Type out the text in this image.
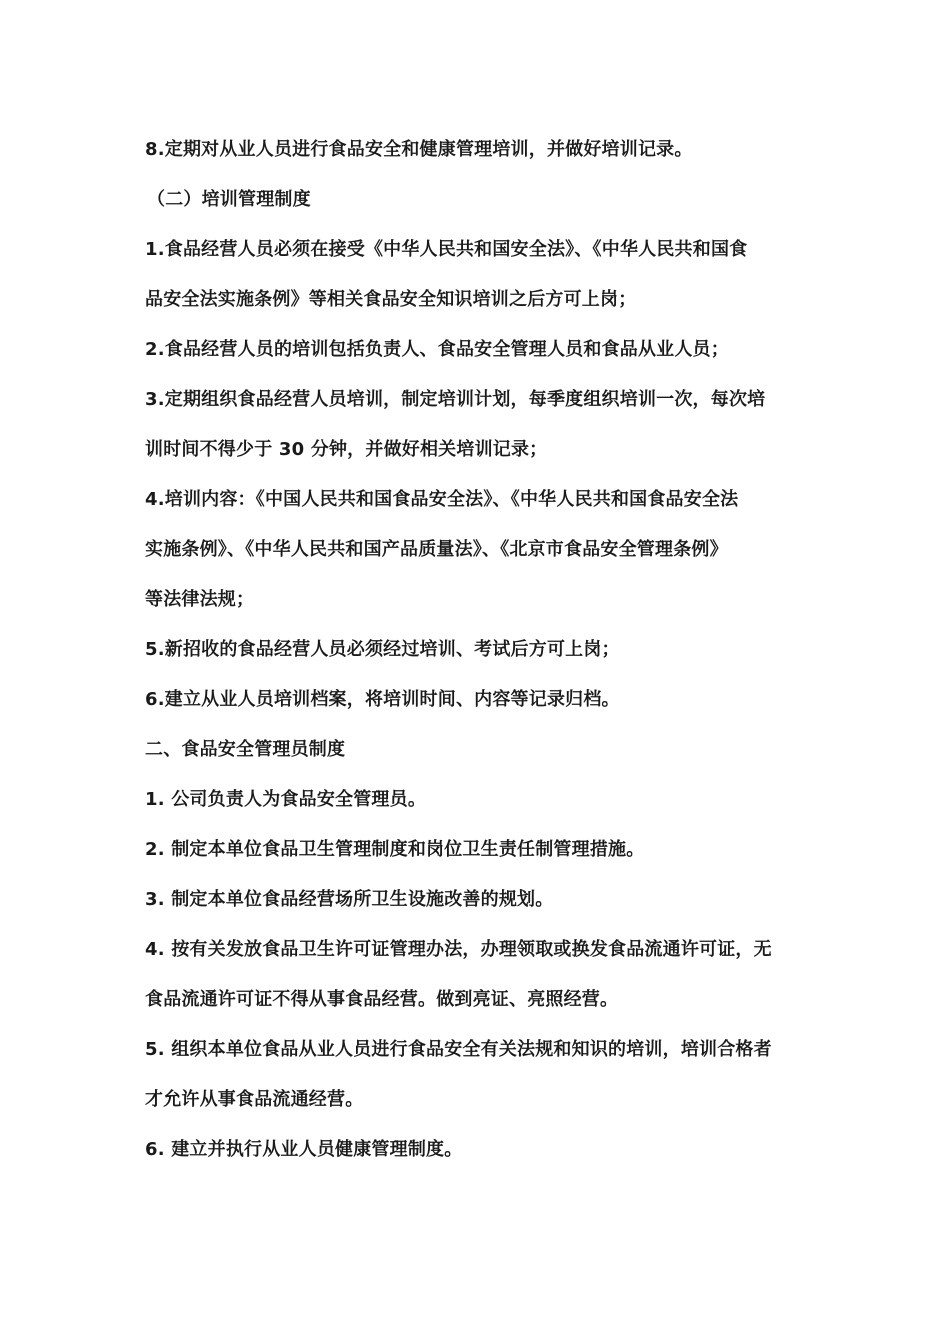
8.定期对从业人员进行食品安全和健康管理培训，并做好培训记录。
（二）培训管理制度
1.食品经营人员必须在接受《中华人民共和国安全法》、《中华人民共和国食
品安全法实施条例》等相关食品安全知识培训之后方可上岗；
2.食品经营人员的培训包括负责人、食品安全管理人员和食品从业人员；
3.定期组织食品经营人员培训，制定培训计划，每季度组织培训一次，每次培
训时间不得少于 30 分钟，并做好相关培训记录；
4.培训内容：《中国人民共和国食品安全法》、《中华人民共和国食品安全法
实施条例》、《中华人民共和国产品质量法》、《北京市食品安全管理条例》
等法律法规；
5.新招收的食品经营人员必须经过培训、考试后方可上岗；
6.建立从业人员培训档案，将培训时间、内容等记录归档。
二、食品安全管理员制度
1. 公司负责人为食品安全管理员。
2. 制定本单位食品卫生管理制度和岗位卫生责任制管理措施。
3. 制定本单位食品经营场所卫生设施改善的规划。
4. 按有关发放食品卫生许可证管理办法，办理领取或换发食品流通许可证，无
食品流通许可证不得从事食品经营。做到亮证、亮照经营。
5. 组织本单位食品从业人员进行食品安全有关法规和知识的培训，培训合格者
才允许从事食品流通经营。
6. 建立并执行从业人员健康管理制度。
